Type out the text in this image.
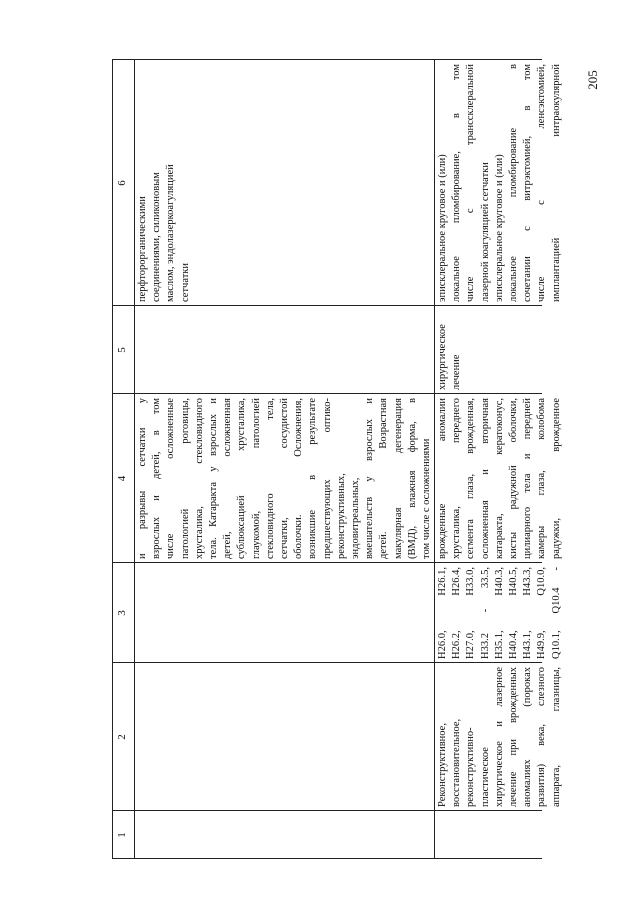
205
1
2
3
4
5
6
и разрывы сетчатки у взрослых и детей, в том числе осложненные патологией роговицы, хрусталика, стекловидного тела. Катаракта у взрослых и детей, осложненная сублюксацией хрусталика, глаукомой, патологией стекловидного тела, сетчатки, сосудистой оболочки. Осложнения, возникшие в результате предшествующих оптико- реконструктивных, эндовитреальных, вмешательств у взрослых и детей. Возрастная макулярная дегенерация (ВМД), влажная форма, в том числе с осложнениями
перфторорганическими соединениями, силиконовым маслом, эндолазеркоагуляцией сетчатки
Реконструктивное, восстановительное, реконструктивно- пластическое хирургическое и лазерное лечение при врожденных аномалиях (пороках развития) века, слезного аппарата, глазницы,
H26.0, H26.1, H26.2, H26.4, H27.0, H33.0, H33.2 - 33.5, H35.1, H40.3, H40.4, H40.5, H43.1, H43.3, H49.9, Q10.0, Q10.1, Q10.4 -
врожденные аномалии хрусталика, переднего сегмента глаза, врожденная, осложненная и вторичная катаракта, кератоконус, кисты радужной оболочки, цилиарного тела и передней камеры глаза, колобома радужки, врожденное
хирургическое лечение
эписклеральное круговое и (или) локальное пломбирование, в том числе с транссклеральной лазерной коагуляцией сетчатки эписклеральное круговое и (или) локальное пломбирование в сочетании с витрэктомией, в том числе с ленсэктомией, имплантацией интраокулярной
